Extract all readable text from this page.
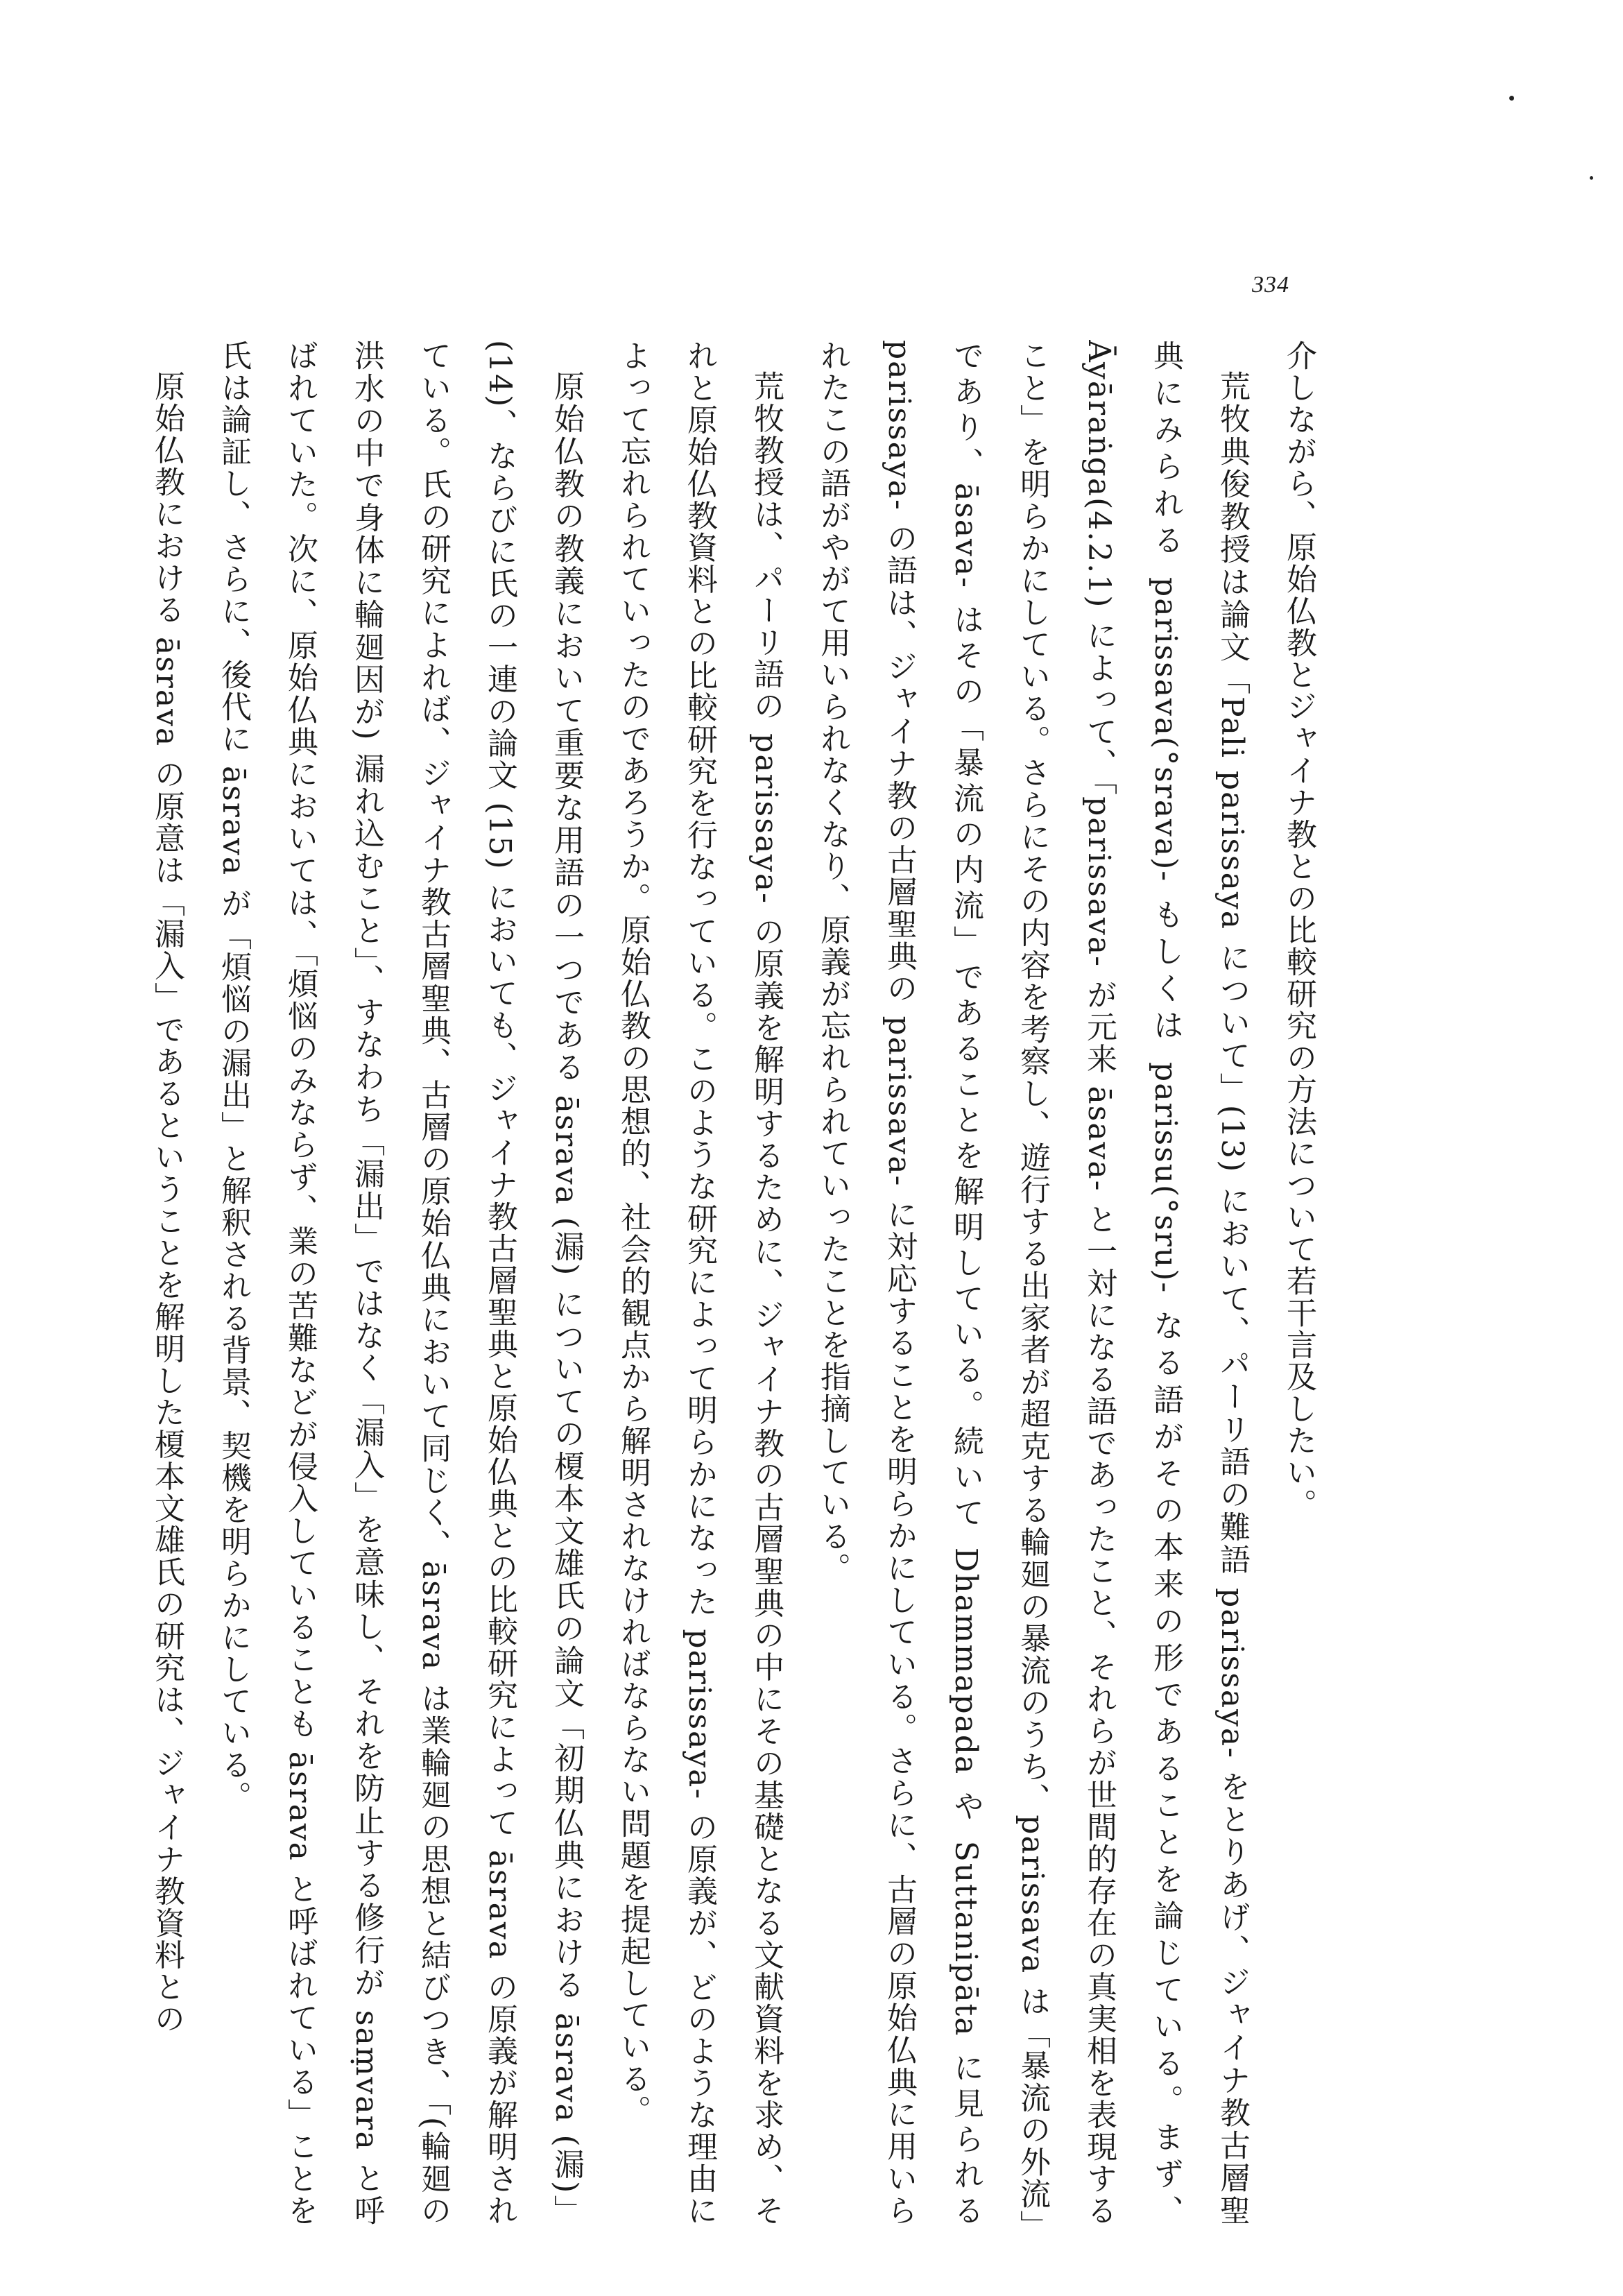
334

介しながら、原始仏教とジャイナ教との比較研究の方法について若干言及したい。

荒牧典俊教授は論文「Pali parissaya について」(13) において、パーリ語の難語 parissaya- をとりあげ、ジャイナ教古層聖典にみられる parissava(°srava)- もしくは parissu(°sru)- なる語がその本来の形であることを論じている。まず、Āyāraṅga(4.2.1) によって、「parissava- が元来 āsava- と一対になる語であったこと、それらが世間的存在の真実相を表現すること」を明らかにしている。さらにその内容を考察し、遊行する出家者が超克する輪廻の暴流のうち、parissava は「暴流の外流」であり、āsava- はその「暴流の内流」であることを解明している。続いて Dhammapada や Suttanipāta に見られる parissaya- の語は、ジャイナ教の古層聖典の parissava- に対応することを明らかにしている。さらに、古層の原始仏典に用いられたこの語がやがて用いられなくなり、原義が忘れられていったことを指摘している。

荒牧教授は、パーリ語の parissaya- の原義を解明するために、ジャイナ教の古層聖典の中にその基礎となる文献資料を求め、それと原始仏教資料との比較研究を行なっている。このような研究によって明らかになった parissaya- の原義が、どのような理由によって忘れられていったのであろうか。原始仏教の思想的、社会的観点から解明されなければならない問題を提起している。

原始仏教の教義において重要な用語の一つである āsrava (漏) についての榎本文雄氏の論文「初期仏典における āsrava (漏)」(14)、ならびに氏の一連の論文 (15) においても、ジャイナ教古層聖典と原始仏典との比較研究によって āsrava の原義が解明されている。氏の研究によれば、ジャイナ教古層聖典、古層の原始仏典において同じく、āsrava は業輪廻の思想と結びつき、「(輪廻の洪水の中で身体に輪廻因が) 漏れ込むこと」、すなわち「漏出」ではなく「漏入」を意味し、それを防止する修行が saṃvara と呼ばれていた。次に、原始仏典においては、「煩悩のみならず、業の苦難などが侵入していることも āsrava と呼ばれている」ことを氏は論証し、さらに、後代に āsrava が「煩悩の漏出」と解釈される背景、契機を明らかにしている。

原始仏教における āsrava の原意は「漏入」であるということを解明した榎本文雄氏の研究は、ジャイナ教資料との
